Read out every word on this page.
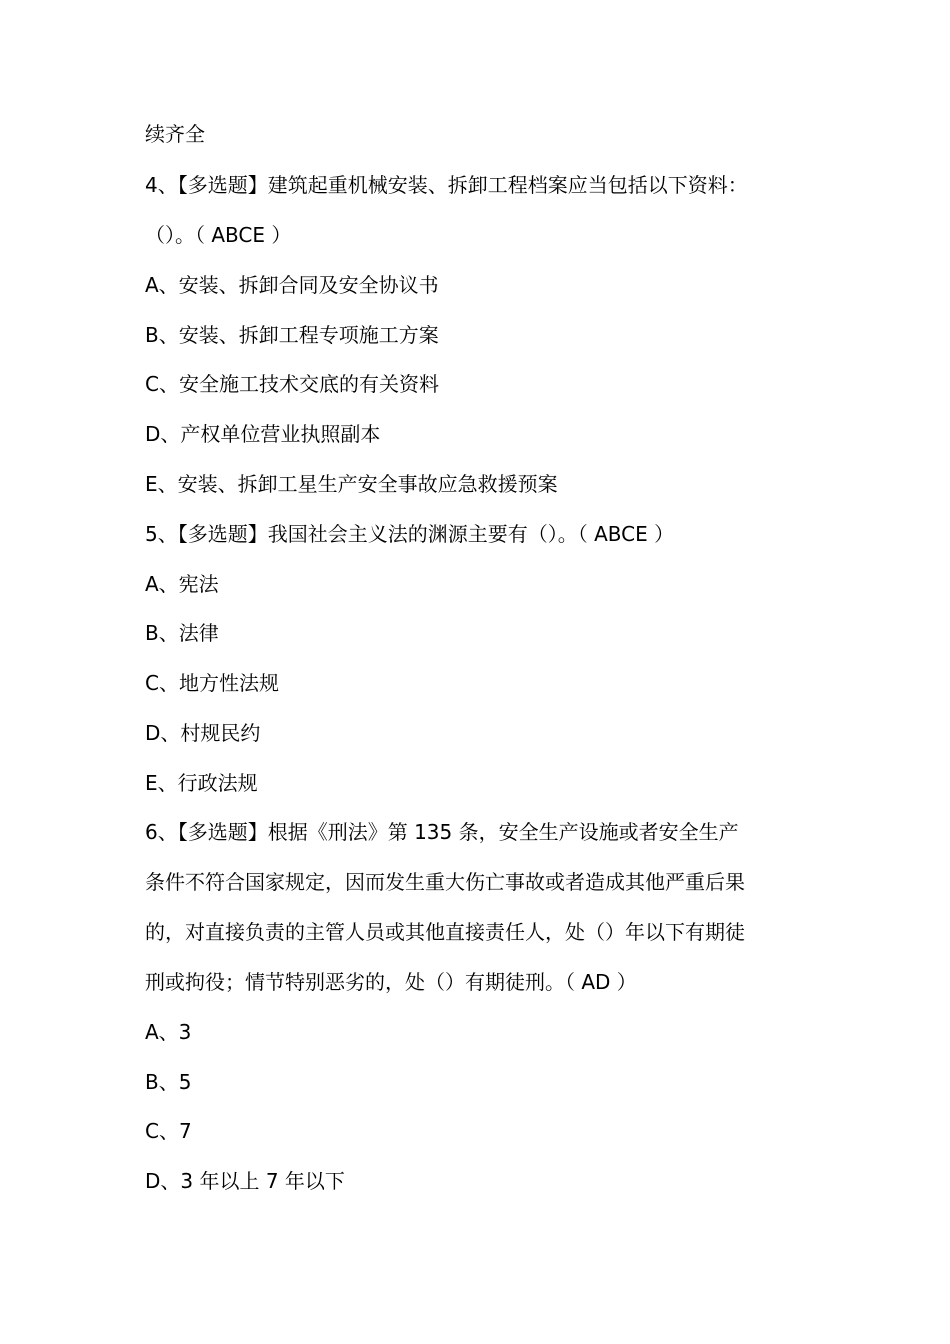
续齐全
4、【多选题】建筑起重机械安装、拆卸工程档案应当包括以下资料：
（）。（ ABCE ）
A、安装、拆卸合同及安全协议书
B、安装、拆卸工程专项施工方案
C、安全施工技术交底的有关资料
D、产权单位营业执照副本
E、安装、拆卸工星生产安全事故应急救援预案
5、【多选题】我国社会主义法的渊源主要有（）。（ ABCE ）
A、宪法
B、法律
C、地方性法规
D、村规民约
E、行政法规
6、【多选题】根据《刑法》第 135 条，安全生产设施或者安全生产
条件不符合国家规定，因而发生重大伤亡事故或者造成其他严重后果
的，对直接负责的主管人员或其他直接责任人，处（）年以下有期徒
刑或拘役；情节特别恶劣的，处（）有期徒刑。（ AD ）
A、3
B、5
C、7
D、3 年以上 7 年以下
